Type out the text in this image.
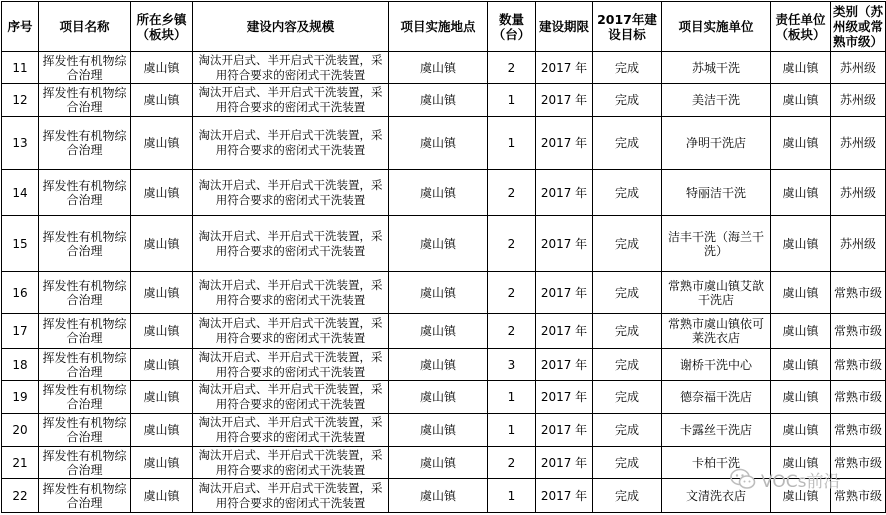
序号	项目名称	所在乡镇（板块）	建设内容及规模	项目实施地点	数量（台）	建设期限	2017年建设目标	项目实施单位	责任单位（板块）	类别（苏州级或常熟市级）
11	挥发性有机物综合治理	虞山镇	淘汰开启式、半开启式干洗装置，采用符合要求的密闭式干洗装置	虞山镇	2	2017 年	完成	苏城干洗	虞山镇	苏州级
12	挥发性有机物综合治理	虞山镇	淘汰开启式、半开启式干洗装置，采用符合要求的密闭式干洗装置	虞山镇	1	2017 年	完成	美洁干洗	虞山镇	苏州级
13	挥发性有机物综合治理	虞山镇	淘汰开启式、半开启式干洗装置，采用符合要求的密闭式干洗装置	虞山镇	1	2017 年	完成	净明干洗店	虞山镇	苏州级
14	挥发性有机物综合治理	虞山镇	淘汰开启式、半开启式干洗装置，采用符合要求的密闭式干洗装置	虞山镇	2	2017 年	完成	特丽洁干洗	虞山镇	苏州级
15	挥发性有机物综合治理	虞山镇	淘汰开启式、半开启式干洗装置，采用符合要求的密闭式干洗装置	虞山镇	2	2017 年	完成	洁丰干洗（海兰干洗）	虞山镇	苏州级
16	挥发性有机物综合治理	虞山镇	淘汰开启式、半开启式干洗装置，采用符合要求的密闭式干洗装置	虞山镇	2	2017 年	完成	常熟市虞山镇艾歆干洗店	虞山镇	常熟市级
17	挥发性有机物综合治理	虞山镇	淘汰开启式、半开启式干洗装置，采用符合要求的密闭式干洗装置	虞山镇	2	2017 年	完成	常熟市虞山镇依可莱洗衣店	虞山镇	常熟市级
18	挥发性有机物综合治理	虞山镇	淘汰开启式、半开启式干洗装置，采用符合要求的密闭式干洗装置	虞山镇	3	2017 年	完成	谢桥干洗中心	虞山镇	常熟市级
19	挥发性有机物综合治理	虞山镇	淘汰开启式、半开启式干洗装置，采用符合要求的密闭式干洗装置	虞山镇	1	2017 年	完成	德奈福干洗店	虞山镇	常熟市级
20	挥发性有机物综合治理	虞山镇	淘汰开启式、半开启式干洗装置，采用符合要求的密闭式干洗装置	虞山镇	1	2017 年	完成	卡露丝干洗店	虞山镇	常熟市级
21	挥发性有机物综合治理	虞山镇	淘汰开启式、半开启式干洗装置，采用符合要求的密闭式干洗装置	虞山镇	2	2017 年	完成	卡柏干洗	虞山镇	常熟市级
22	挥发性有机物综合治理	虞山镇	淘汰开启式、半开启式干洗装置，采用符合要求的密闭式干洗装置	虞山镇	1	2017 年	完成	文清洗衣店	虞山镇	常熟市级
VOCs前沿
